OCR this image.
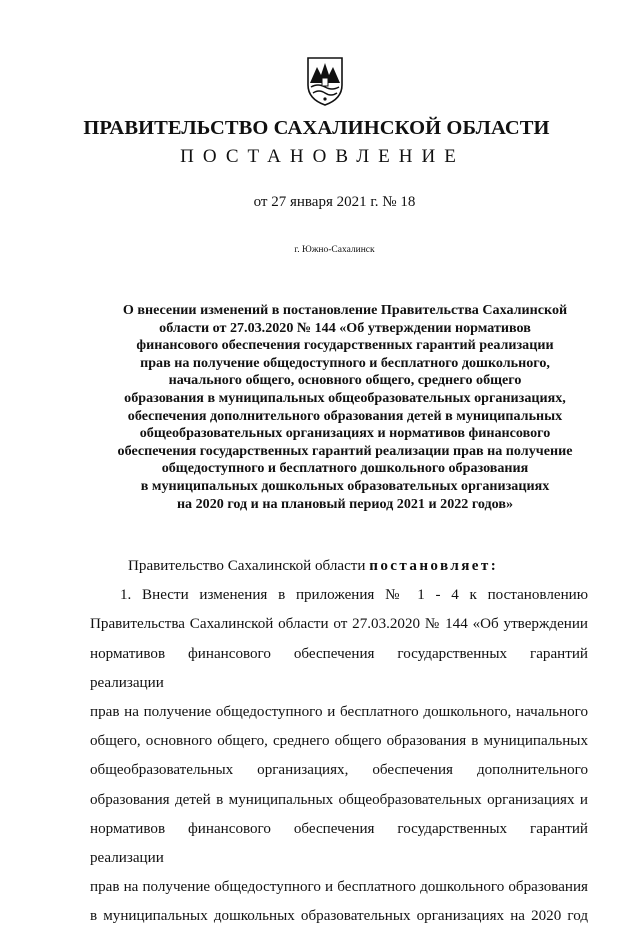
ПРАВИТЕЛЬСТВО САХАЛИНСКОЙ ОБЛАСТИ
ПОСТАНОВЛЕНИЕ
от 27 января 2021 г. № 18
г. Южно-Сахалинск
О внесении изменений в постановление Правительства Сахалинской
области от 27.03.2020 № 144 «Об утверждении нормативов
финансового обеспечения государственных гарантий реализации
прав на получение общедоступного и бесплатного дошкольного,
начального общего, основного общего, среднего общего
образования в муниципальных общеобразовательных организациях,
обеспечения дополнительного образования детей в муниципальных
общеобразовательных организациях и нормативов финансового
обеспечения государственных гарантий реализации прав на получение
общедоступного и бесплатного дошкольного образования
в муниципальных дошкольных образовательных организациях
на 2020 год и на плановый период 2021 и 2022 годов»
Правительство Сахалинской области постановляет:
1. Внести изменения в приложения № 1 - 4 к постановлению
Правительства Сахалинской области от 27.03.2020 № 144 «Об утверждении
нормативов финансового обеспечения государственных гарантий реализации
прав на получение общедоступного и бесплатного дошкольного, начального
общего, основного общего, среднего общего образования в муниципальных
общеобразовательных организациях, обеспечения дополнительного
образования детей в муниципальных общеобразовательных организациях и
нормативов финансового обеспечения государственных гарантий реализации
прав на получение общедоступного и бесплатного дошкольного образования
в муниципальных дошкольных образовательных организациях на 2020 год
